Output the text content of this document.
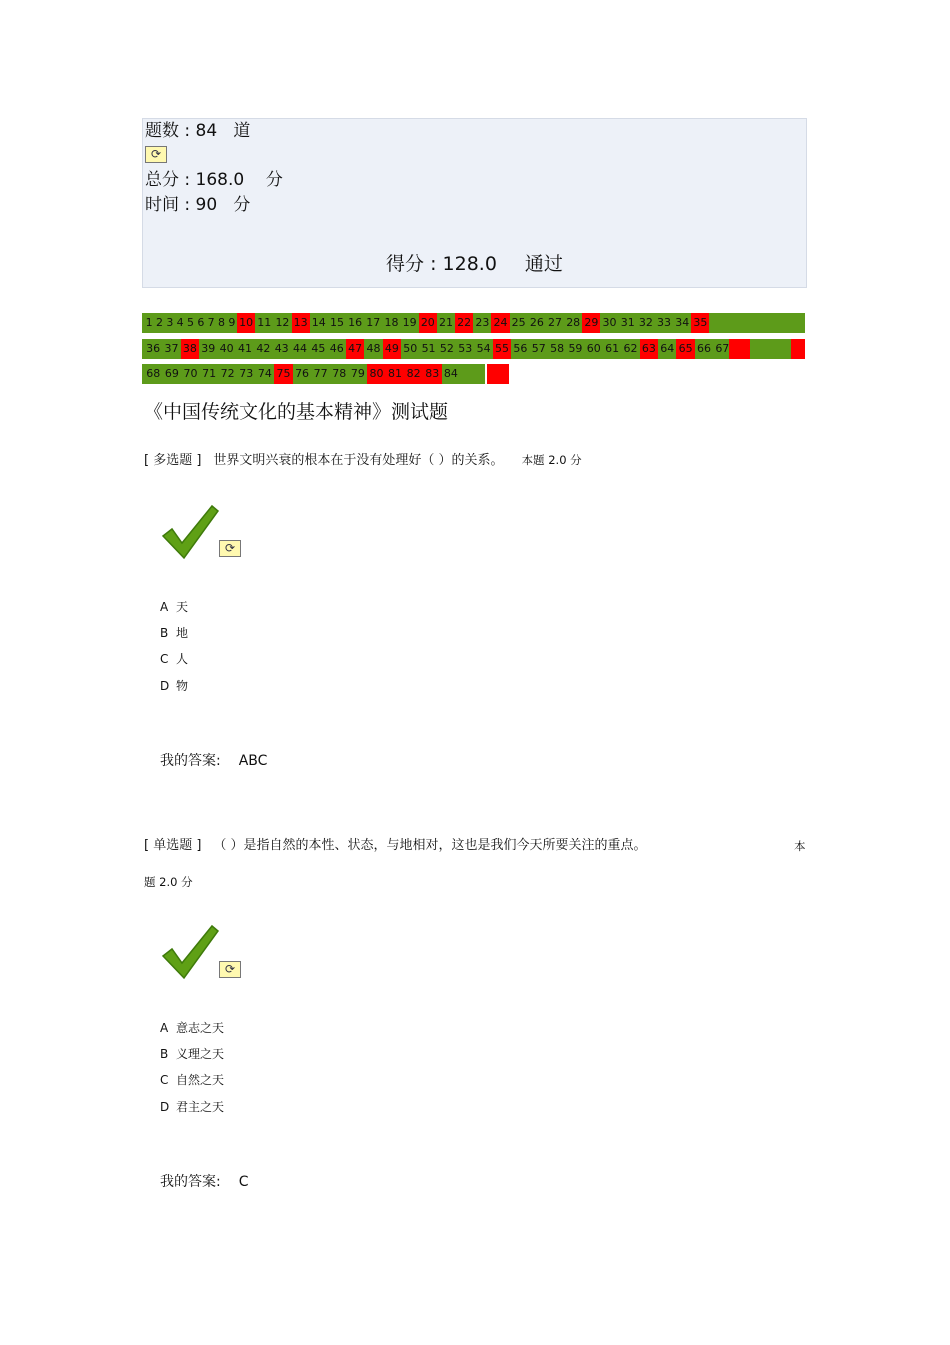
题数 : 84   道
⟳
总分 : 168.0    分
时间 : 90   分
得分 : 128.0 通过
《中国传统文化的基本精神》测试题
[ 多选题 ] 世界文明兴衰的根本在于没有处理好（ ）的关系。 本题 2.0 分
⟳
A 天
B 地
C 人
D 物
我的答案: ABC
[ 单选题 ] （ ）是指自然的本性、状态，与地相对，这也是我们今天所要关注的重点。	本
题 2.0 分
⟳
A 意志之天
B 义理之天
C 自然之天
D 君主之天
我的答案: C
1 2 3 4 5 6 7 8 9 10 11 12 13 14 15 16 17 18 19 20 21 22 23 24 25 26 27 28 29 30 31 32 33 34 35
36 37 38 39 40 41 42 43 44 45 46 47 48 49 50 51 52 53 54 55 56 57 58 59 60 61 62 63 64 65 66 67
68 69 70 71 72 73 74 75 76 77 78 79 80 81 82 83 84
